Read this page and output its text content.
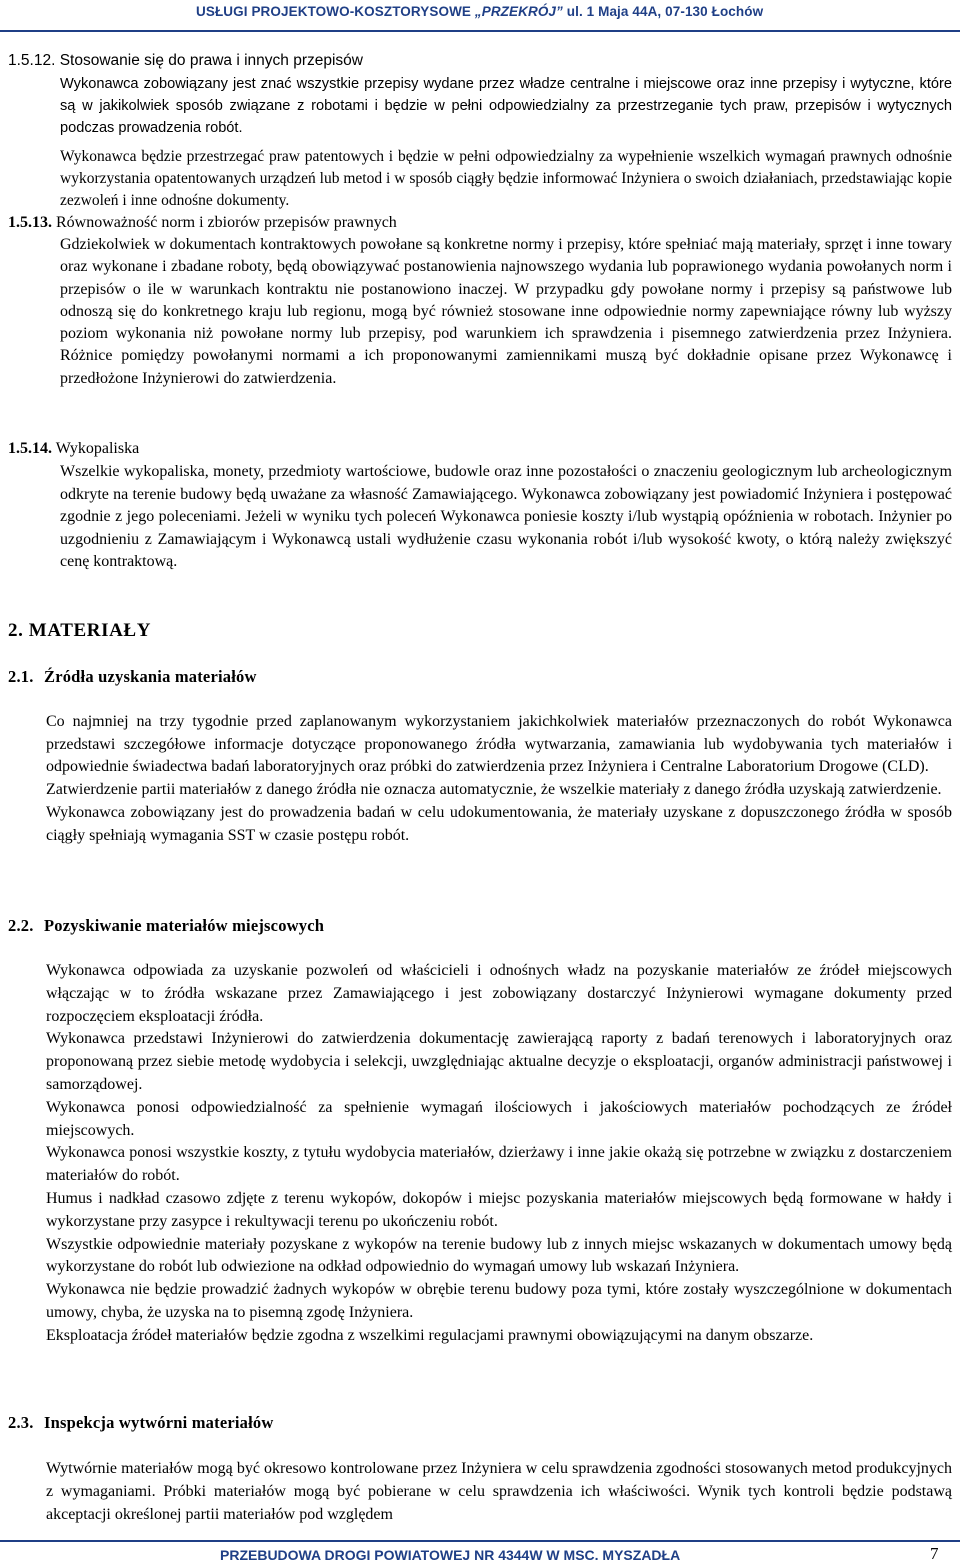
USŁUGI PROJEKTOWO-KOSZTORYSOWE „PRZEKRÓJ” ul. 1 Maja 44A, 07-130 Łochów
1.5.12. Stosowanie się do prawa i innych przepisów

Wykonawca zobowiązany jest znać wszystkie przepisy wydane przez władze centralne i miejscowe oraz inne przepisy i wytyczne, które są w jakikolwiek sposób związane z robotami i będzie w pełni odpowiedzialny za przestrzeganie tych praw, przepisów i wytycznych podczas prowadzenia robót.

Wykonawca będzie przestrzegać praw patentowych i będzie w pełni odpowiedzialny za wypełnienie wszelkich wymagań prawnych odnośnie wykorzystania opatentowanych urządzeń lub metod i w sposób ciągły będzie informować Inżyniera o swoich działaniach, przedstawiając kopie zezwoleń i inne odnośne dokumenty.

1.5.13. Równoważność norm i zbiorów przepisów prawnych

Gdziekolwiek w dokumentach kontraktowych powołane są konkretne normy i przepisy, które spełniać mają materiały, sprzęt i inne towary oraz wykonane i zbadane roboty, będą obowiązywać postanowienia najnowszego wydania lub poprawionego wydania powołanych norm i przepisów o ile w warunkach kontraktu nie postanowiono inaczej. W przypadku gdy powołane normy i przepisy są państwowe lub odnoszą się do konkretnego kraju lub regionu, mogą być również stosowane inne odpowiednie normy zapewniające równy lub wyższy poziom wykonania niż powołane normy lub przepisy, pod warunkiem ich sprawdzenia i pisemnego zatwierdzenia przez Inżyniera. Różnice pomiędzy powołanymi normami a ich proponowanymi zamiennikami muszą być dokładnie opisane przez Wykonawcę i przedłożone Inżynierowi do zatwierdzenia.

1.5.14. Wykopaliska

Wszelkie wykopaliska, monety, przedmioty wartościowe, budowle oraz inne pozostałości o znaczeniu geologicznym lub archeologicznym odkryte na terenie budowy będą uważane za własność Zamawiającego. Wykonawca zobowiązany jest powiadomić Inżyniera i postępować zgodnie z jego poleceniami. Jeżeli w wyniku tych poleceń Wykonawca poniesie koszty i/lub wystąpią opóźnienia w robotach. Inżynier po uzgodnieniu z Zamawiającym i Wykonawcą ustali wydłużenie czasu wykonania robót i/lub wysokość kwoty, o którą należy zwiększyć cenę kontraktową.

2. MATERIAŁY
2.1. Źródła uzyskania materiałów

Co najmniej na trzy tygodnie przed zaplanowanym wykorzystaniem jakichkolwiek materiałów przeznaczonych do robót Wykonawca przedstawi szczegółowe informacje dotyczące proponowanego źródła wytwarzania, zamawiania lub wydobywania tych materiałów i odpowiednie świadectwa badań laboratoryjnych oraz próbki do zatwierdzenia przez Inżyniera i Centralne Laboratorium Drogowe (CLD).

Zatwierdzenie partii materiałów z danego źródła nie oznacza automatycznie, że wszelkie materiały z danego źródła uzyskają zatwierdzenie.

Wykonawca zobowiązany jest do prowadzenia badań w celu udokumentowania, że materiały uzyskane z dopuszczonego źródła w sposób ciągły spełniają wymagania SST w czasie postępu robót.

2.2. Pozyskiwanie materiałów miejscowych

Wykonawca odpowiada za uzyskanie pozwoleń od właścicieli i odnośnych władz na pozyskanie materiałów ze źródeł miejscowych włączając w to źródła wskazane przez Zamawiającego i jest zobowiązany dostarczyć Inżynierowi wymagane dokumenty przed rozpoczęciem eksploatacji źródła.

Wykonawca przedstawi Inżynierowi do zatwierdzenia dokumentację zawierającą raporty z badań terenowych i laboratoryjnych oraz proponowaną przez siebie metodę wydobycia i selekcji, uwzględniając aktualne decyzje o eksploatacji, organów administracji państwowej i samorządowej.

Wykonawca ponosi odpowiedzialność za spełnienie wymagań ilościowych i jakościowych materiałów pochodzących ze źródeł miejscowych.

Wykonawca ponosi wszystkie koszty, z tytułu wydobycia materiałów, dzierżawy i inne jakie okażą się potrzebne w związku z dostarczeniem materiałów do robót.

Humus i nadkład czasowo zdjęte z terenu wykopów, dokopów i miejsc pozyskania materiałów miejscowych będą formowane w hałdy i wykorzystane przy zasypce i rekultywacji terenu po ukończeniu robót.

Wszystkie odpowiednie materiały pozyskane z wykopów na terenie budowy lub z innych miejsc wskazanych w dokumentach umowy będą wykorzystane do robót lub odwiezione na odkład odpowiednio do wymagań umowy lub wskazań Inżyniera.

Wykonawca nie będzie prowadzić żadnych wykopów w obrębie terenu budowy poza tymi, które zostały wyszczególnione w dokumentach umowy, chyba, że uzyska na to pisemną zgodę Inżyniera.

Eksploatacja źródeł materiałów będzie zgodna z wszelkimi regulacjami prawnymi obowiązującymi na danym obszarze.

2.3. Inspekcja wytwórni materiałów

Wytwórnie materiałów mogą być okresowo kontrolowane przez Inżyniera w celu sprawdzenia zgodności stosowanych metod produkcyjnych z wymaganiami. Próbki materiałów mogą być pobierane w celu sprawdzenia ich właściwości. Wynik tych kontroli będzie podstawą akceptacji określonej partii materiałów pod względem

PRZEBUDOWA DROGI POWIATOWEJ NR 4344W W MSC. MYSZADŁA	7
